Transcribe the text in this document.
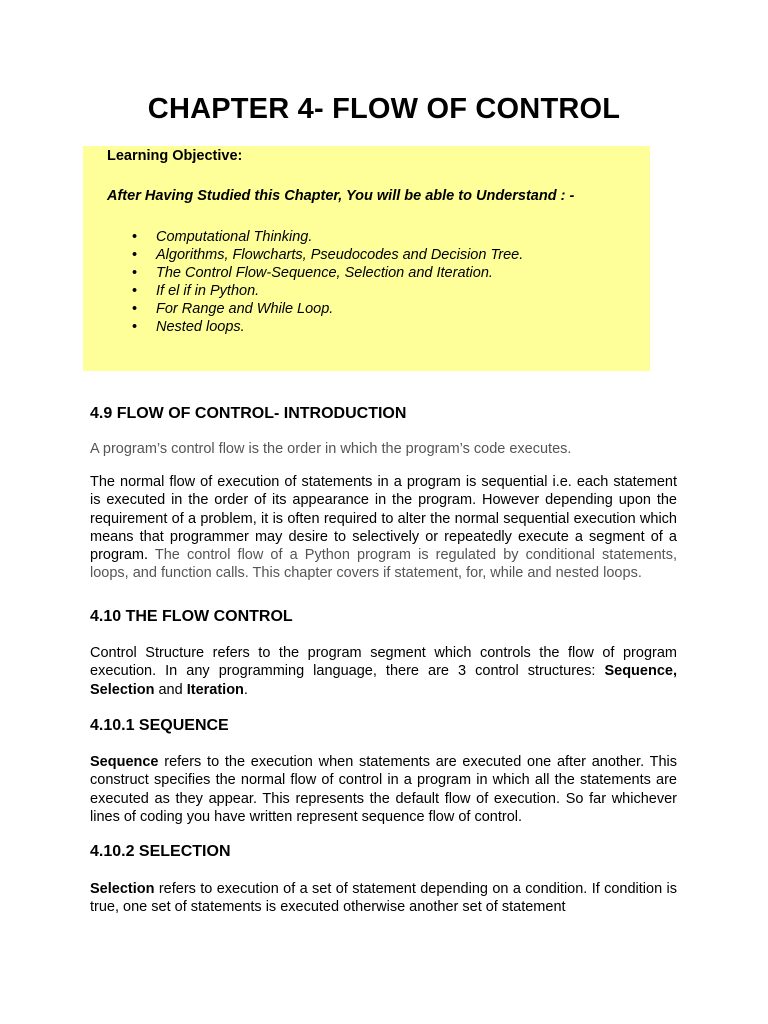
CHAPTER 4- FLOW OF CONTROL
Learning Objective:
After Having Studied this Chapter, You will be able to Understand : -
• Computational Thinking.
• Algorithms, Flowcharts, Pseudocodes and Decision Tree.
• The Control Flow-Sequence, Selection and Iteration.
• If el if in Python.
• For Range and While Loop.
• Nested loops.
4.9 FLOW OF CONTROL- INTRODUCTION
A program’s control flow is the order in which the program’s code executes.
The normal flow of execution of statements in a program is sequential i.e. each statement is executed in the order of its appearance in the program. However depending upon the requirement of a problem, it is often required to alter the normal sequential execution which means that programmer may desire to selectively or repeatedly execute a segment of a program. The control flow of a Python program is regulated by conditional statements, loops, and function calls. This chapter covers if statement, for, while and nested loops.
4.10 THE FLOW CONTROL
Control Structure refers to the program segment which controls the flow of program execution. In any programming language, there are 3 control structures: Sequence, Selection and Iteration.
4.10.1 SEQUENCE
Sequence refers to the execution when statements are executed one after another. This construct specifies the normal flow of control in a program in which all the statements are executed as they appear. This represents the default flow of execution. So far whichever lines of coding you have written represent sequence flow of control.
4.10.2 SELECTION
Selection refers to execution of a set of statement depending on a condition. If condition is true, one set of statements is executed otherwise another set of statement
